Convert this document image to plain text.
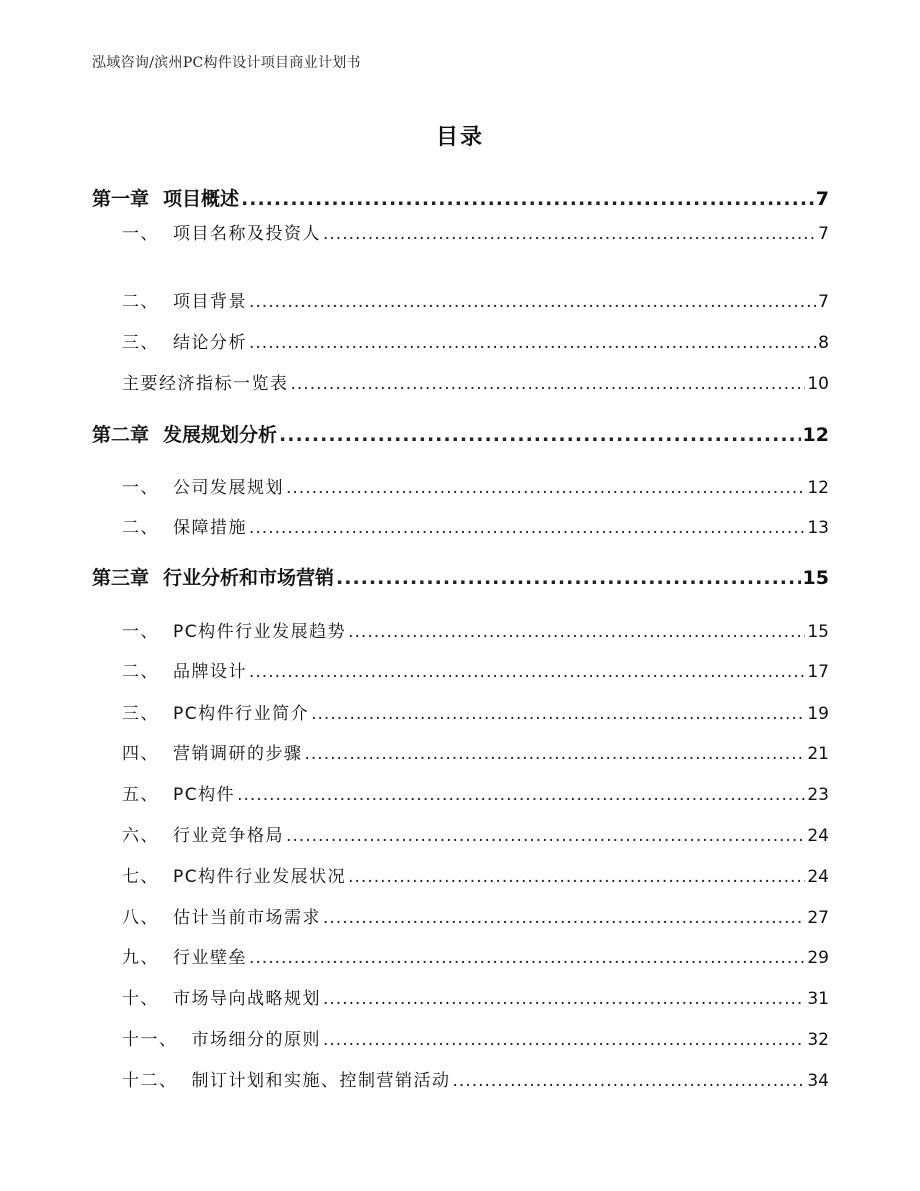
泓域咨询/滨州PC构件设计项目商业计划书
目录
第一章 项目概述 .....	7
一、 项目名称及投资人 .....	7
二、 项目背景 .....	7
三、 结论分析 .....	8
主要经济指标一览表 .....	10
第二章 发展规划分析 .....	12
一、 公司发展规划 .....	12
二、 保障措施 .....	13
第三章 行业分析和市场营销 .....	15
一、 PC构件行业发展趋势 .....	15
二、 品牌设计 .....	17
三、 PC构件行业简介 .....	19
四、 营销调研的步骤 .....	21
五、 PC构件 .....	23
六、 行业竞争格局 .....	24
七、 PC构件行业发展状况 .....	24
八、 估计当前市场需求 .....	27
九、 行业壁垒 .....	29
十、 市场导向战略规划 .....	31
十一、 市场细分的原则 .....	32
十二、 制订计划和实施、控制营销活动 .....	34
